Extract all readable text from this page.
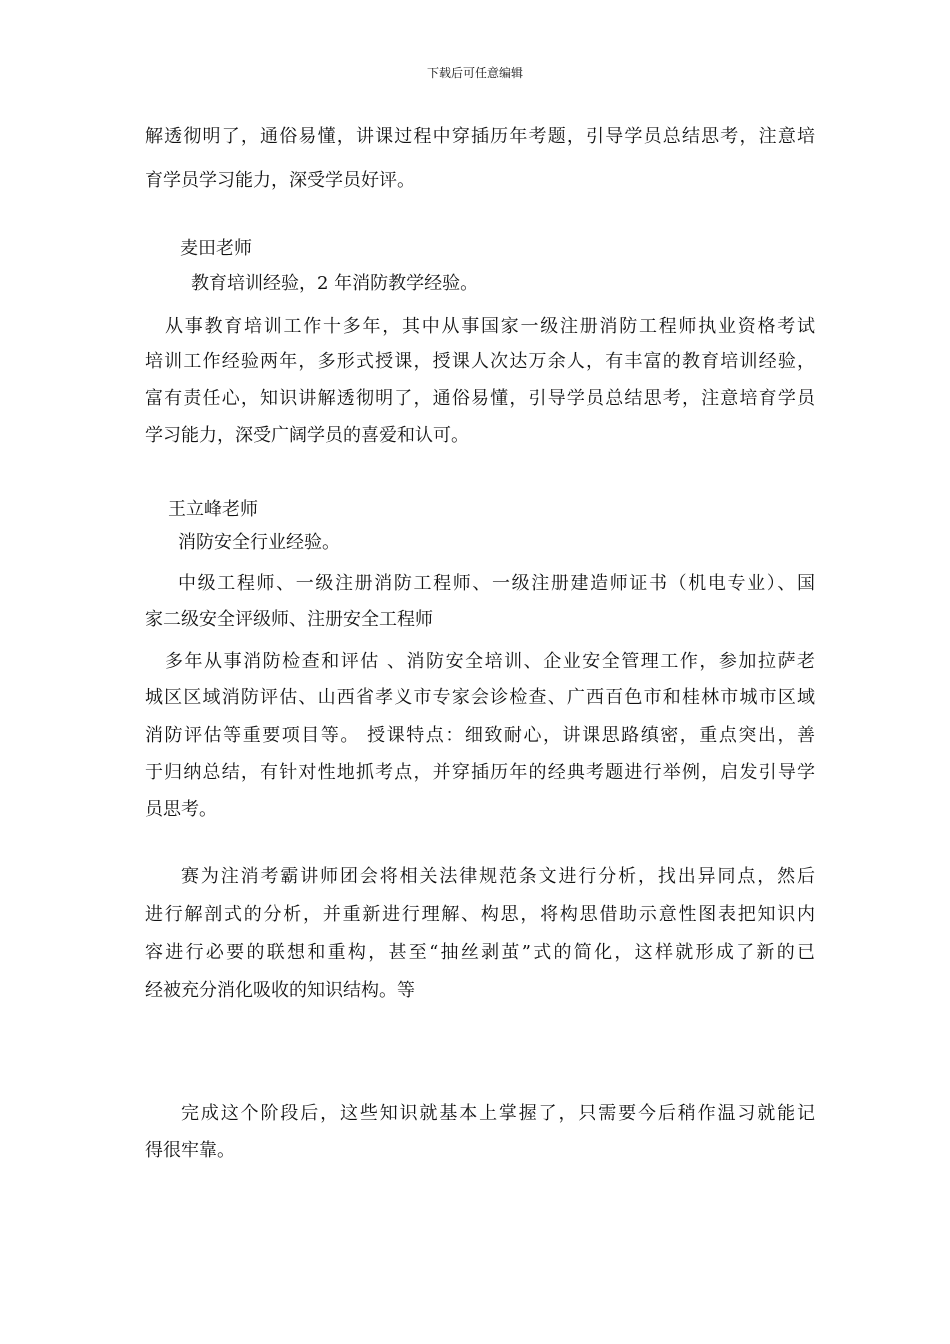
下载后可任意编辑
解透彻明了，通俗易懂，讲课过程中穿插历年考题，引导学员总结思考，注意培
育学员学习能力，深受学员好评。
麦田老师
教育培训经验，2 年消防教学经验。
从事教育培训工作十多年，其中从事国家一级注册消防工程师执业资格考试
培训工作经验两年，多形式授课，授课人次达万余人，有丰富的教育培训经验，
富有责任心，知识讲解透彻明了，通俗易懂，引导学员总结思考，注意培育学员
学习能力，深受广阔学员的喜爱和认可。
王立峰老师
消防安全行业经验。
中级工程师、一级注册消防工程师、一级注册建造师证书（机电专业）、国
家二级安全评级师、注册安全工程师
多年从事消防检查和评估 、消防安全培训、企业安全管理工作，参加拉萨老
城区区域消防评估、山西省孝义市专家会诊检查、广西百色市和桂林市城市区域
消防评估等重要项目等。 授课特点：细致耐心，讲课思路缜密，重点突出，善
于归纳总结，有针对性地抓考点，并穿插历年的经典考题进行举例，启发引导学
员思考。
赛为注消考霸讲师团会将相关法律规范条文进行分析，找出异同点，然后
进行解剖式的分析，并重新进行理解、构思，将构思借助示意性图表把知识内
容进行必要的联想和重构，甚至“抽丝剥茧”式的简化，这样就形成了新的已
经被充分消化吸收的知识结构。等
完成这个阶段后，这些知识就基本上掌握了，只需要今后稍作温习就能记
得很牢靠。
